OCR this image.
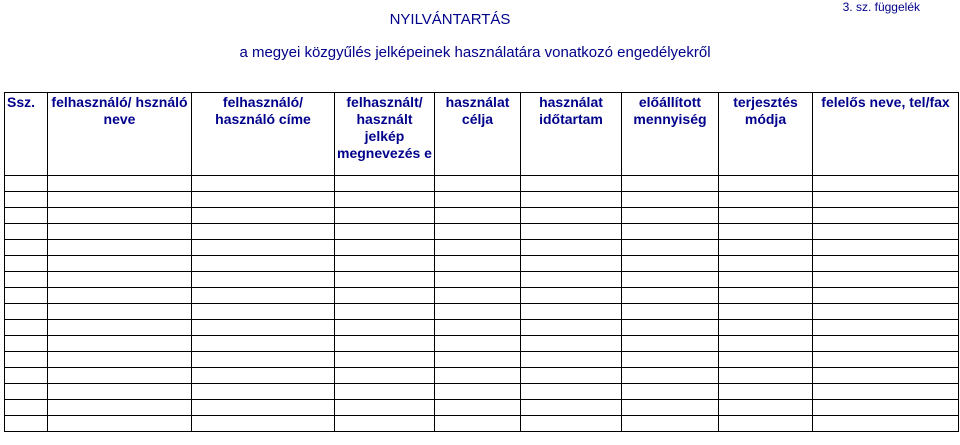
3. sz. függelék
NYILVÁNTARTÁS
a megyei közgyűlés jelképeinek használatára vonatkozó engedélyekről
Ssz.	felhasználó/ hsználó neve	felhasználó/ használó címe	felhasznált/ használt jelkép megnevezés e	használat célja	használat időtartam	előállított mennyiség	terjesztés módja	felelős neve, tel/fax
